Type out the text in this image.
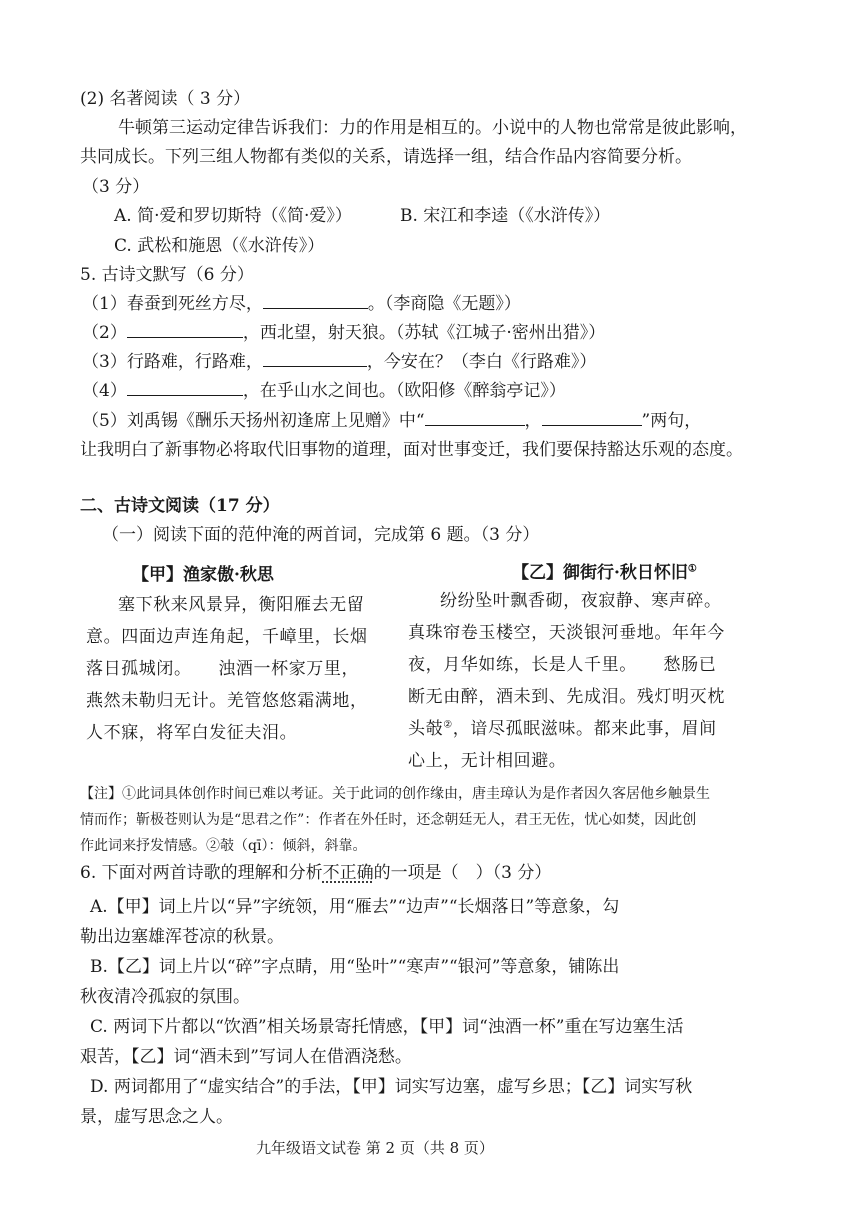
(2) 名著阅读（ 3 分）
牛顿第三运动定律告诉我们：力的作用是相互的。小说中的人物也常常是彼此影响，
共同成长。下列三组人物都有类似的关系，请选择一组，结合作品内容简要分析。
（3 分）
A. 简·爱和罗切斯特（《简·爱》）	B. 宋江和李逵（《水浒传》）
C. 武松和施恩（《水浒传》）
5. 古诗文默写（6 分）
（1）春蚕到死丝方尽，	。（李商隐《无题》）
（2）	，西北望，射天狼。（苏轼《江城子·密州出猎》）
（3）行路难，行路难，	，今安在？（李白《行路难》）
（4）	，在乎山水之间也。（欧阳修《醉翁亭记》）
（5）刘禹锡《酬乐天扬州初逢席上见赠》中“	，	”两句，
让我明白了新事物必将取代旧事物的道理，面对世事变迁，我们要保持豁达乐观的态度。
二、古诗文阅读（17 分）
（一）阅读下面的范仲淹的两首词，完成第 6 题。（3 分）
【甲】渔家傲·秋思
塞下秋来风景异，衡阳雁去无留
意。四面边声连角起，千嶂里，长烟
落日孤城闭。　　浊酒一杯家万里，
燕然未勒归无计。羌管悠悠霜满地，
人不寐，将军白发征夫泪。
【乙】御街行·秋日怀旧①
纷纷坠叶飘香砌，夜寂静、寒声碎。
真珠帘卷玉楼空，天淡银河垂地。年年今
夜，月华如练，长是人千里。　　愁肠已
断无由醉，酒未到、先成泪。残灯明灭枕
头攲②，谙尽孤眠滋味。都来此事，眉间
心上，无计相回避。
【注】①此词具体创作时间已难以考证。关于此词的创作缘由，唐圭璋认为是作者因久客居他乡触景生
情而作；靳极苍则认为是“思君之作”：作者在外任时，还念朝廷无人，君王无佐，忧心如焚，因此创
作此词来抒发情感。②攲（qī）：倾斜，斜靠。
6. 下面对两首诗歌的理解和分析不正确的一项是（　）（3 分）
A.【甲】词上片以“异”字统领，用“雁去”“边声”“长烟落日”等意象，勾
勒出边塞雄浑苍凉的秋景。
B.【乙】词上片以“碎”字点睛，用“坠叶”“寒声”“银河”等意象，铺陈出
秋夜清冷孤寂的氛围。
C. 两词下片都以“饮酒”相关场景寄托情感，【甲】词“浊酒一杯”重在写边塞生活
艰苦，【乙】词“酒未到”写词人在借酒浇愁。
D. 两词都用了“虚实结合”的手法，【甲】词实写边塞，虚写乡思；【乙】词实写秋
景，虚写思念之人。
九年级语文试卷 第 2 页（共 8 页）
